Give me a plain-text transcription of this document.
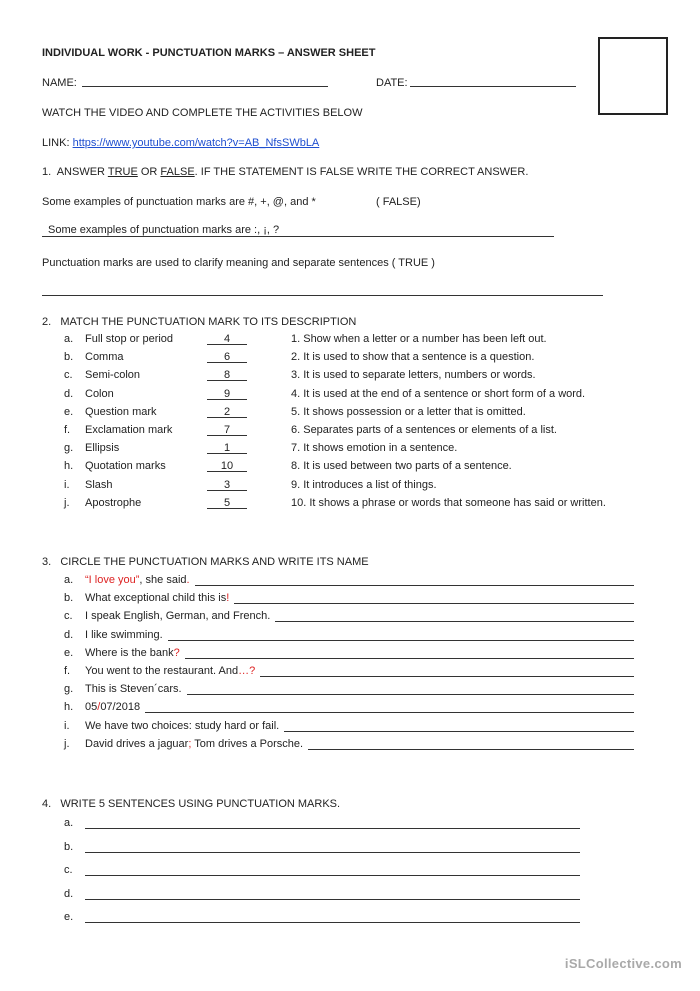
INDIVIDUAL WORK - PUNCTUATION MARKS – ANSWER SHEET
NAME:	DATE:
WATCH THE VIDEO AND COMPLETE THE ACTIVITIES BELOW
LINK: https://www.youtube.com/watch?v=AB_NfsSWbLA
1. ANSWER TRUE OR FALSE. IF THE STATEMENT IS FALSE WRITE THE CORRECT ANSWER.
Some examples of punctuation marks are #, +, @, and *	( FALSE)
Some examples of punctuation marks are :, ¡, ?
Punctuation marks are used to clarify meaning and separate sentences ( TRUE )
2. MATCH THE PUNCTUATION MARK TO ITS DESCRIPTION
a. Full stop or period	4	1. Show when a letter or a number has been left out.
b. Comma	6	2. It is used to show that a sentence is a question.
c. Semi-colon	8	3. It is used to separate letters, numbers or words.
d. Colon	9	4. It is used at the end of a sentence or short form of a word.
e. Question mark	2	5. It shows possession or a letter that is omitted.
f. Exclamation mark	7	6. Separates parts of a sentences or elements of a list.
g. Ellipsis	1	7. It shows emotion in a sentence.
h. Quotation marks	10	8. It is used between two parts of a sentence.
i. Slash	3	9. It introduces a list of things.
j. Apostrophe	5	10. It shows a phrase or words that someone has said or written.
3. CIRCLE THE PUNCTUATION MARKS AND WRITE ITS NAME
a. “I love you”, she said.
b. What exceptional child this is!
c. I speak English, German, and French.
d. I like swimming.
e. Where is the bank?
f. You went to the restaurant. And…?
g. This is Steven´cars.
h. 05/07/2018
i. We have two choices: study hard or fail.
j. David drives a jaguar; Tom drives a Porsche.
4. WRITE 5 SENTENCES USING PUNCTUATION MARKS.
a.
b.
c.
d.
e.
iSLCollective.com
